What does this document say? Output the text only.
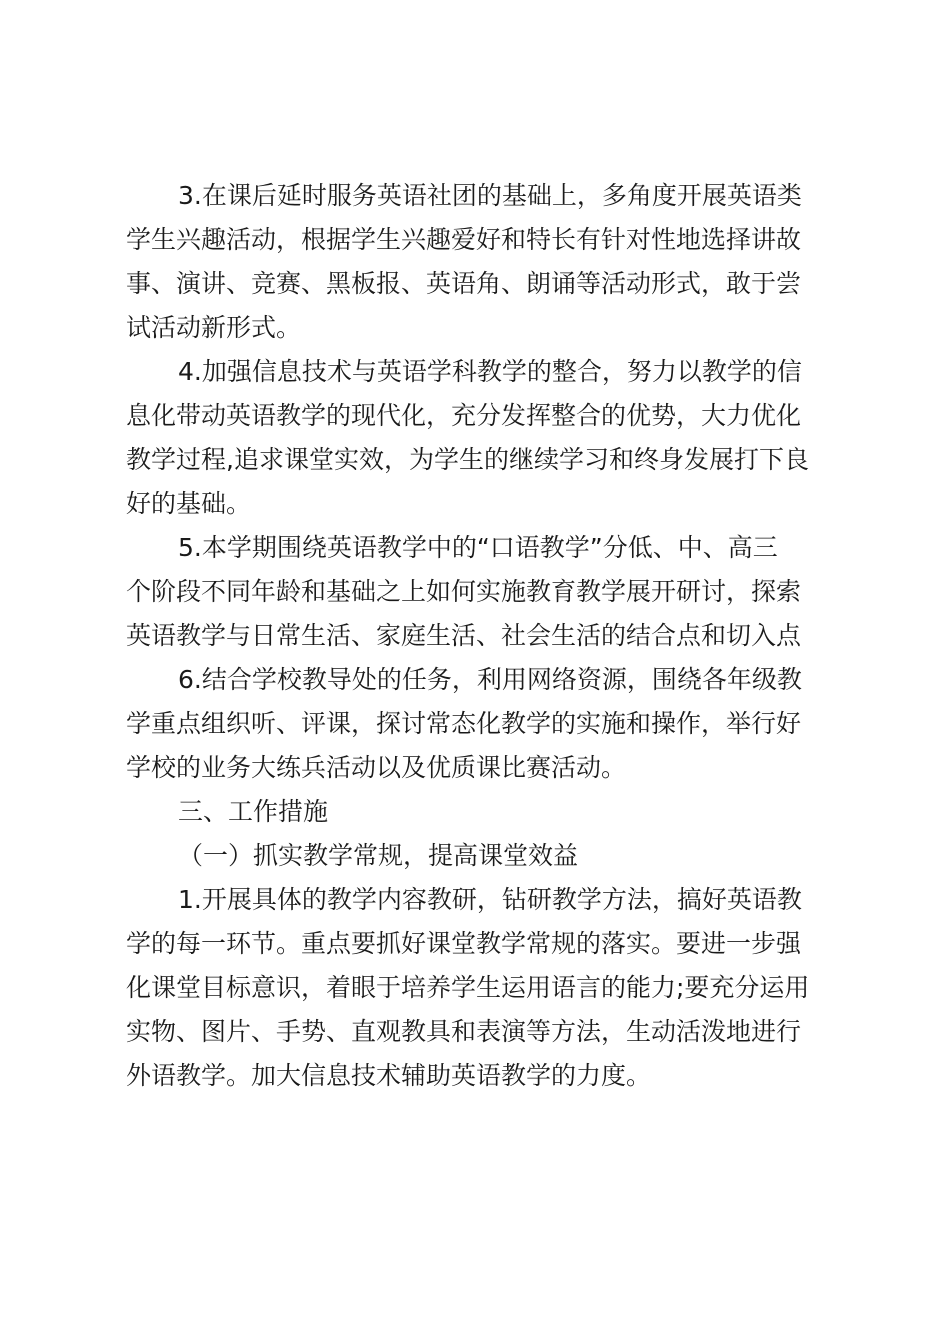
3.在课后延时服务英语社团的基础上，多角度开展英语类
学生兴趣活动，根据学生兴趣爱好和特长有针对性地选择讲故
事、演讲、竞赛、黑板报、英语角、朗诵等活动形式，敢于尝
试活动新形式。

4.加强信息技术与英语学科教学的整合，努力以教学的信
息化带动英语教学的现代化，充分发挥整合的优势，大力优化
教学过程,追求课堂实效，为学生的继续学习和终身发展打下良
好的基础。

5.本学期围绕英语教学中的“口语教学”分低、中、高三
个阶段不同年龄和基础之上如何实施教育教学展开研讨，探索
英语教学与日常生活、家庭生活、社会生活的结合点和切入点

6.结合学校教导处的任务，利用网络资源，围绕各年级教
学重点组织听、评课，探讨常态化教学的实施和操作，举行好
学校的业务大练兵活动以及优质课比赛活动。

三、工作措施

（一）抓实教学常规，提高课堂效益

1.开展具体的教学内容教研，钻研教学方法，搞好英语教
学的每一环节。重点要抓好课堂教学常规的落实。要进一步强
化课堂目标意识，着眼于培养学生运用语言的能力;要充分运用
实物、图片、手势、直观教具和表演等方法，生动活泼地进行
外语教学。加大信息技术辅助英语教学的力度。
